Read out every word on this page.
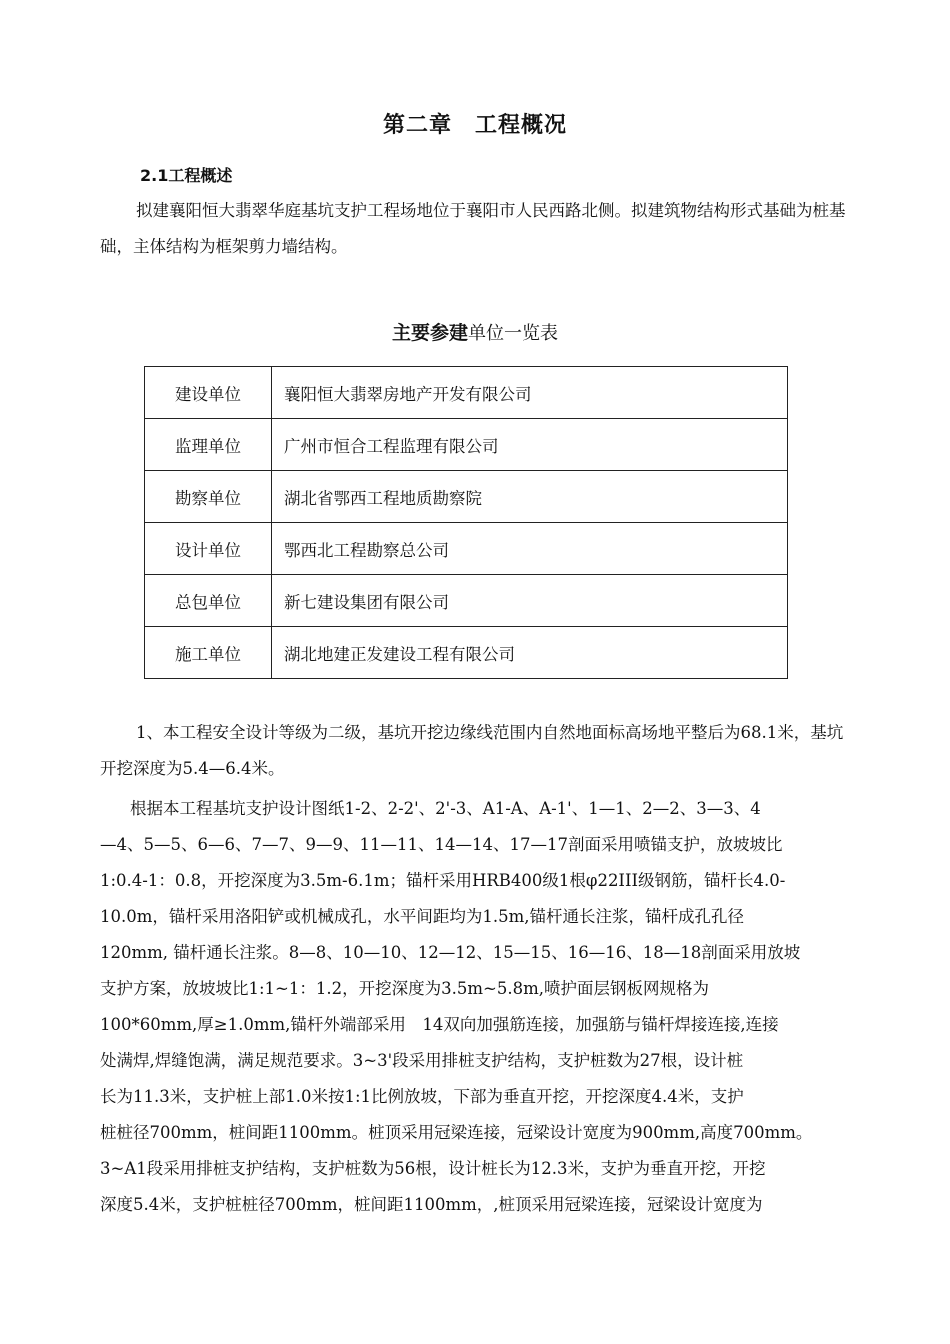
第二章　工程概况
2.1工程概述

拟建襄阳恒大翡翠华庭基坑支护工程场地位于襄阳市人民西路北侧。拟建筑物结构形式基础为桩基础，主体结构为框架剪力墙结构。

主要参建单位一览表
建设单位	襄阳恒大翡翠房地产开发有限公司
监理单位	广州市恒合工程监理有限公司
勘察单位	湖北省鄂西工程地质勘察院
设计单位	鄂西北工程勘察总公司
总包单位	新七建设集团有限公司
施工单位	湖北地建正发建设工程有限公司

1、本工程安全设计等级为二级，基坑开挖边缘线范围内自然地面标高场地平整后为68.1米，基坑开挖深度为5.4—6.4米。

根据本工程基坑支护设计图纸1-2、2-2'、2'-3、A1-A、A-1'、1—1、2—2、3—3、4
—4、5—5、6—6、7—7、9—9、11—11、14—14、17—17剖面采用喷锚支护，放坡坡比
1:0.4-1：0.8，开挖深度为3.5m-6.1m；锚杆采用HRB400级1根φ22III级钢筋，锚杆长4.0-
10.0m，锚杆采用洛阳铲或机械成孔，水平间距均为1.5m,锚杆通长注浆，锚杆成孔孔径
120mm, 锚杆通长注浆。8—8、10—10、12—12、15—15、16—16、18—18剖面采用放坡
支护方案，放坡坡比1:1~1：1.2，开挖深度为3.5m~5.8m,喷护面层钢板网规格为
100*60mm,厚≥1.0mm,锚杆外端部采用　14双向加强筋连接，加强筋与锚杆焊接连接,连接
处满焊,焊缝饱满，满足规范要求。3~3'段采用排桩支护结构，支护桩数为27根，设计桩
长为11.3米，支护桩上部1.0米按1:1比例放坡，下部为垂直开挖，开挖深度4.4米，支护
桩桩径700mm，桩间距1100mm。桩顶采用冠梁连接，冠梁设计宽度为900mm,高度700mm。
3~A1段采用排桩支护结构，支护桩数为56根，设计桩长为12.3米，支护为垂直开挖，开挖
深度5.4米，支护桩桩径700mm，桩间距1100mm，,桩顶采用冠梁连接，冠梁设计宽度为
